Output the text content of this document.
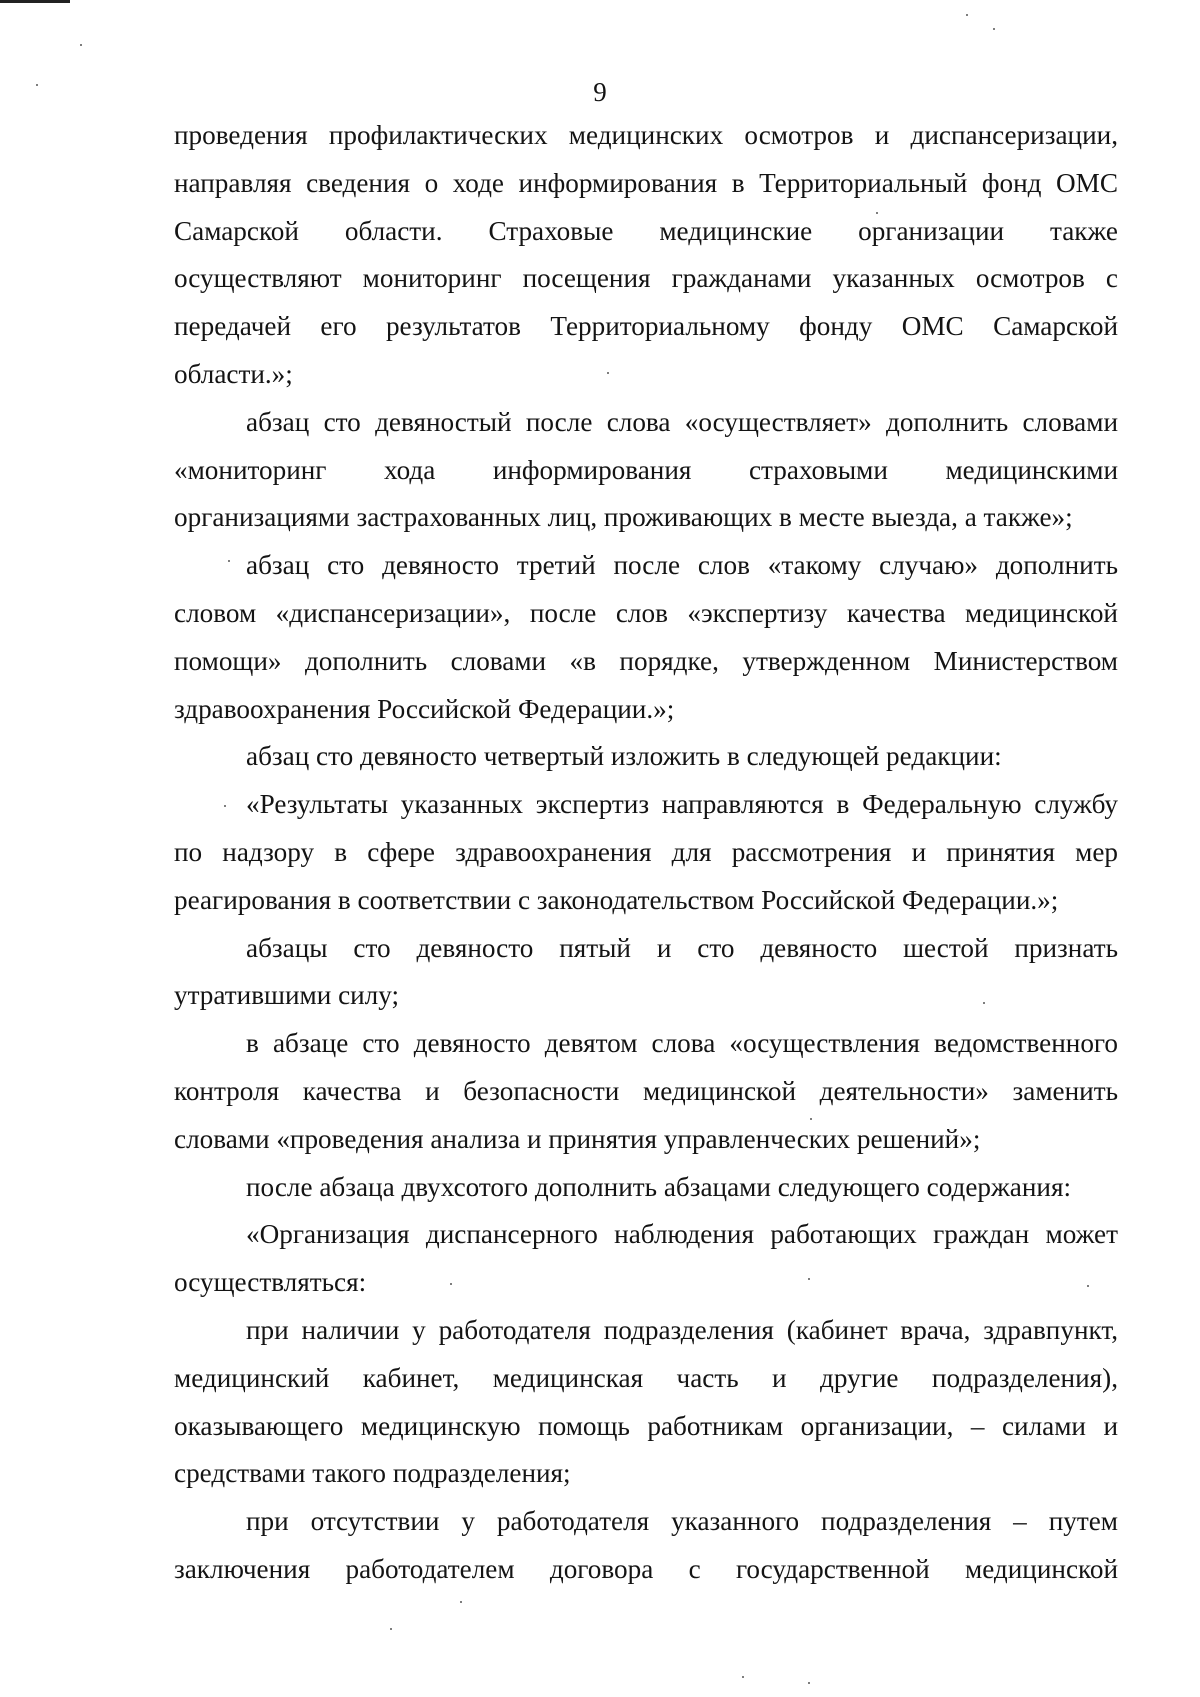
9
проведения профилактических медицинских осмотров и диспансеризации,
направляя сведения о ходе информирования в Территориальный фонд ОМС
Самарской области. Страховые медицинские организации также
осуществляют мониторинг посещения гражданами указанных осмотров с
передачей его результатов Территориальному фонду ОМС Самарской
области.»;
абзац сто девяностый после слова «осуществляет» дополнить словами
«мониторинг хода информирования страховыми медицинскими
организациями застрахованных лиц, проживающих в месте выезда, а также»;
абзац сто девяносто третий после слов «такому случаю» дополнить
словом «диспансеризации», после слов «экспертизу качества медицинской
помощи» дополнить словами «в порядке, утвержденном Министерством
здравоохранения Российской Федерации.»;
абзац сто девяносто четвертый изложить в следующей редакции:
«Результаты указанных экспертиз направляются в Федеральную службу
по надзору в сфере здравоохранения для рассмотрения и принятия мер
реагирования в соответствии с законодательством Российской Федерации.»;
абзацы сто девяносто пятый и сто девяносто шестой признать
утратившими силу;
в абзаце сто девяносто девятом слова «осуществления ведомственного
контроля качества и безопасности медицинской деятельности» заменить
словами «проведения анализа и принятия управленческих решений»;
после абзаца двухсотого дополнить абзацами следующего содержания:
«Организация диспансерного наблюдения работающих граждан может
осуществляться:
при наличии у работодателя подразделения (кабинет врача, здравпункт,
медицинский кабинет, медицинская часть и другие подразделения),
оказывающего медицинскую помощь работникам организации, – силами и
средствами такого подразделения;
при отсутствии у работодателя указанного подразделения – путем
заключения работодателем договора с государственной медицинской
